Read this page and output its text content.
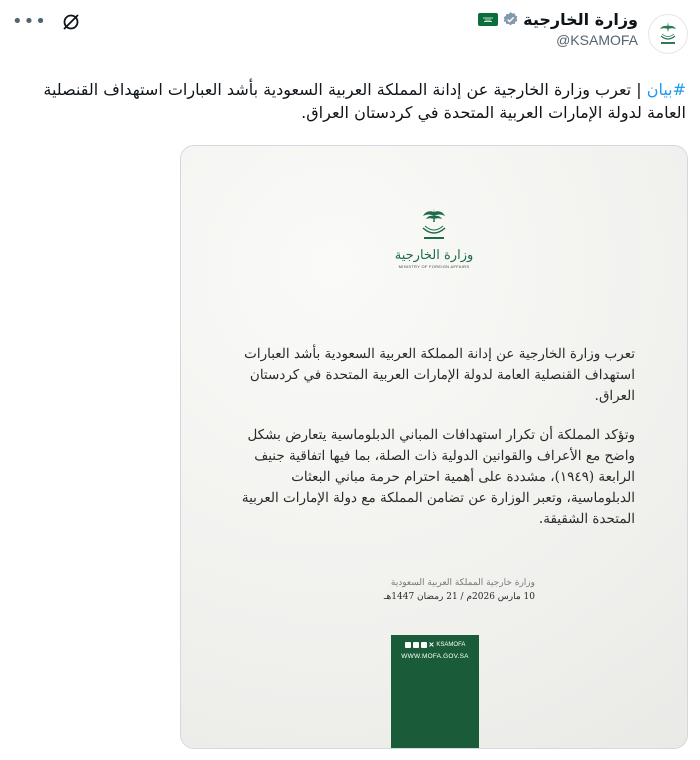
وزارة الخارجية
@KSAMOFA
•••
#بيان | تعرب وزارة الخارجية عن إدانة المملكة العربية السعودية بأشد العبارات استهداف القنصلية العامة لدولة الإمارات العربية المتحدة في كردستان العراق.
وزارة الخارجية
MINISTRY OF FOREIGN AFFAIRS

تعرب وزارة الخارجية عن إدانة المملكة العربية السعودية بأشد العبارات استهداف القنصلية العامة لدولة الإمارات العربية المتحدة في كردستان العراق.

وتؤكد المملكة أن تكرار استهدافات المباني الدبلوماسية يتعارض بشكل واضح مع الأعراف والقوانين الدولية ذات الصلة، بما فيها اتفاقية جنيف الرابعة (١٩٤٩)، مشددة على أهمية احترام حرمة مباني البعثات الدبلوماسية، وتعبر الوزارة عن تضامن المملكة مع دولة الإمارات العربية المتحدة الشقيقة.

وزارة خارجية المملكة العربية السعودية
10 مارس 2026م / 21 رمضان 1447هـ
✕ KSAMOFA
WWW.MOFA.GOV.SA
